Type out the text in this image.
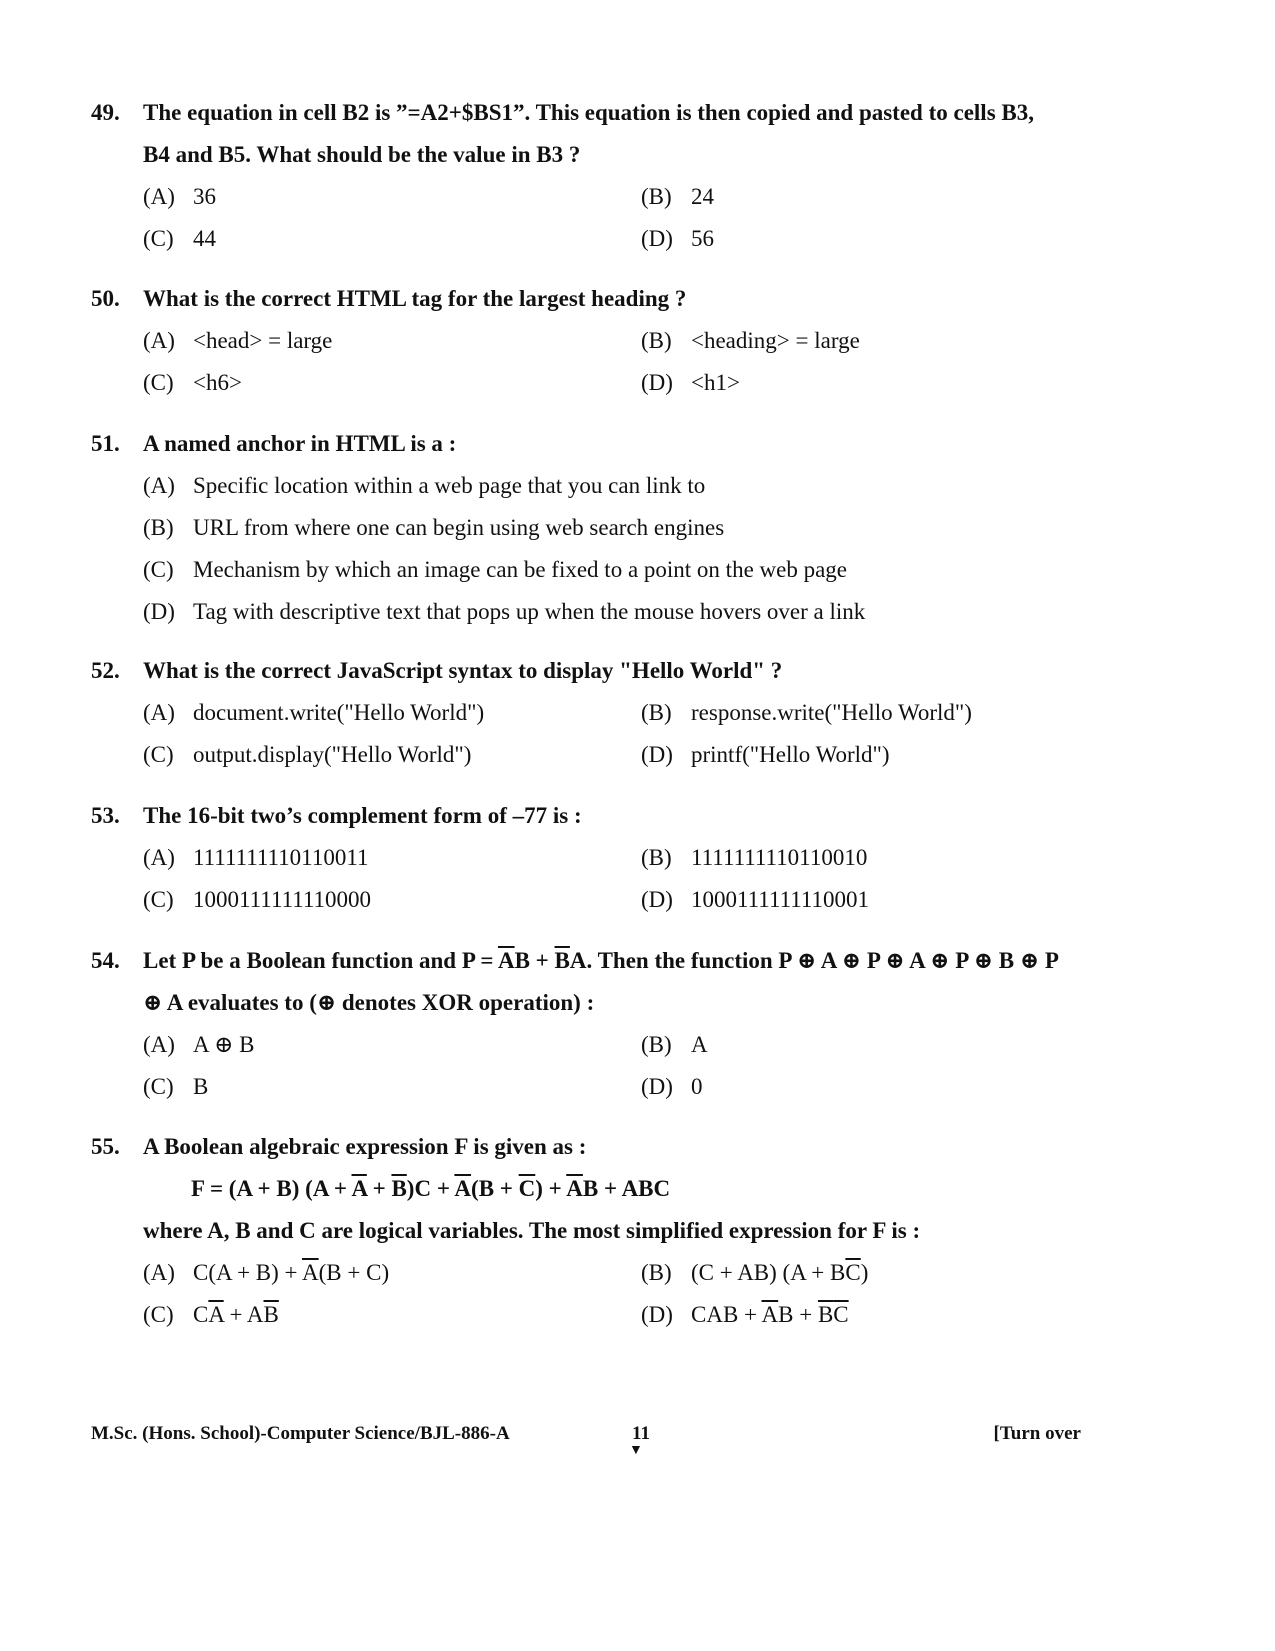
49. The equation in cell B2 is ”=A2+$BS1”. This equation is then copied and pasted to cells B3,
B4 and B5. What should be the value in B3 ?
(A) 36	(B) 24
(C) 44	(D) 56
50. What is the correct HTML tag for the largest heading ?
(A) <head> = large	(B) <heading> = large
(C) <h6>	(D) <h1>
51. A named anchor in HTML is a :
(A) Specific location within a web page that you can link to
(B) URL from where one can begin using web search engines
(C) Mechanism by which an image can be fixed to a point on the web page
(D) Tag with descriptive text that pops up when the mouse hovers over a link
52. What is the correct JavaScript syntax to display "Hello World" ?
(A) document.write("Hello World")	(B) response.write("Hello World")
(C) output.display("Hello World")	(D) printf("Hello World")
53. The 16-bit two’s complement form of –77 is :
(A) 1111111110110011	(B) 1111111110110010
(C) 1000111111110000	(D) 1000111111110001
54. Let P be a Boolean function and $P = \overline{A}B + \overline{B}A$. Then the function P ⊕ A ⊕ P ⊕ A ⊕ P ⊕ B ⊕ P
⊕ A evaluates to (⊕ denotes XOR operation) :
(A) A ⊕ B	(B) A
(C) B	(D) 0
55. A Boolean algebraic expression F is given as :
F = (A + B) $(A + \overline{A} + \overline{B})C + \overline{A}(B + \overline{C}) + \overline{A}B$ + ABC
where A, B and C are logical variables. The most simplified expression for F is :
(A) $C(A + B) + \overline{A}(B + C)$	(B) (C + AB) $(A + B\overline{C})$
(C) $C\overline{A} + A\overline{B}$	(D) CAB + $\overline{A}B + \overline{B}\overline{C}$
M.Sc. (Hons. School)-Computer Science/BJL-886-A	11
▼
[Turn over
